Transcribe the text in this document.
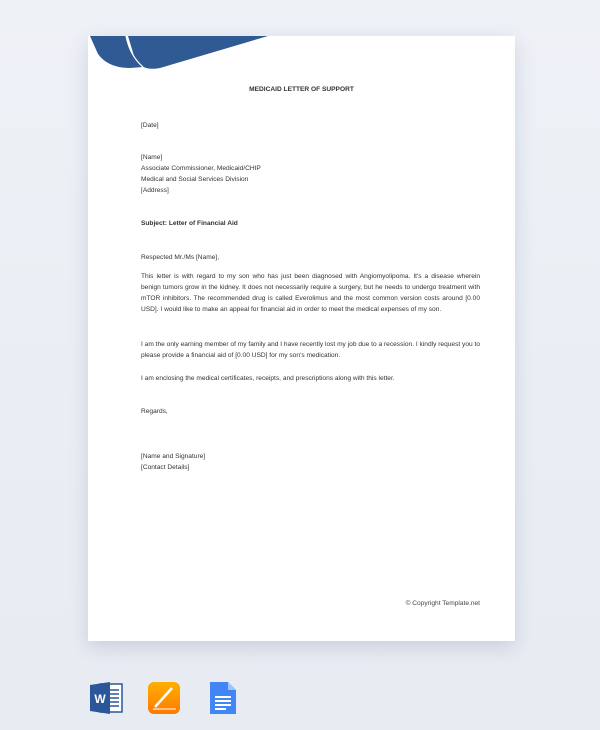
MEDICAID LETTER OF SUPPORT
[Date]
[Name]
Associate Commissioner, Medicaid/CHIP
Medical and Social Services Division
[Address]
Subject: Letter of Financial Aid
Respected Mr./Ms [Name],
This letter is with regard to my son who has just been diagnosed with Angiomyolipoma. It's a disease wherein benign tumors grow in the kidney. It does not necessarily require a surgery, but he needs to undergo treatment with mTOR inhibitors. The recommended drug is called Everolimus and the most common version costs around [0.00 USD]. I would like to make an appeal for financial aid in order to meet the medical expenses of my son.
I am the only earning member of my family and I have recently lost my job due to a recession. I kindly request you to please provide a financial aid of [0.00 USD] for my son's medication.
I am enclosing the medical certificates, receipts, and prescriptions along with this letter.
Regards,
[Name and Signature]
[Contact Details]
© Copyright Template.net
W
